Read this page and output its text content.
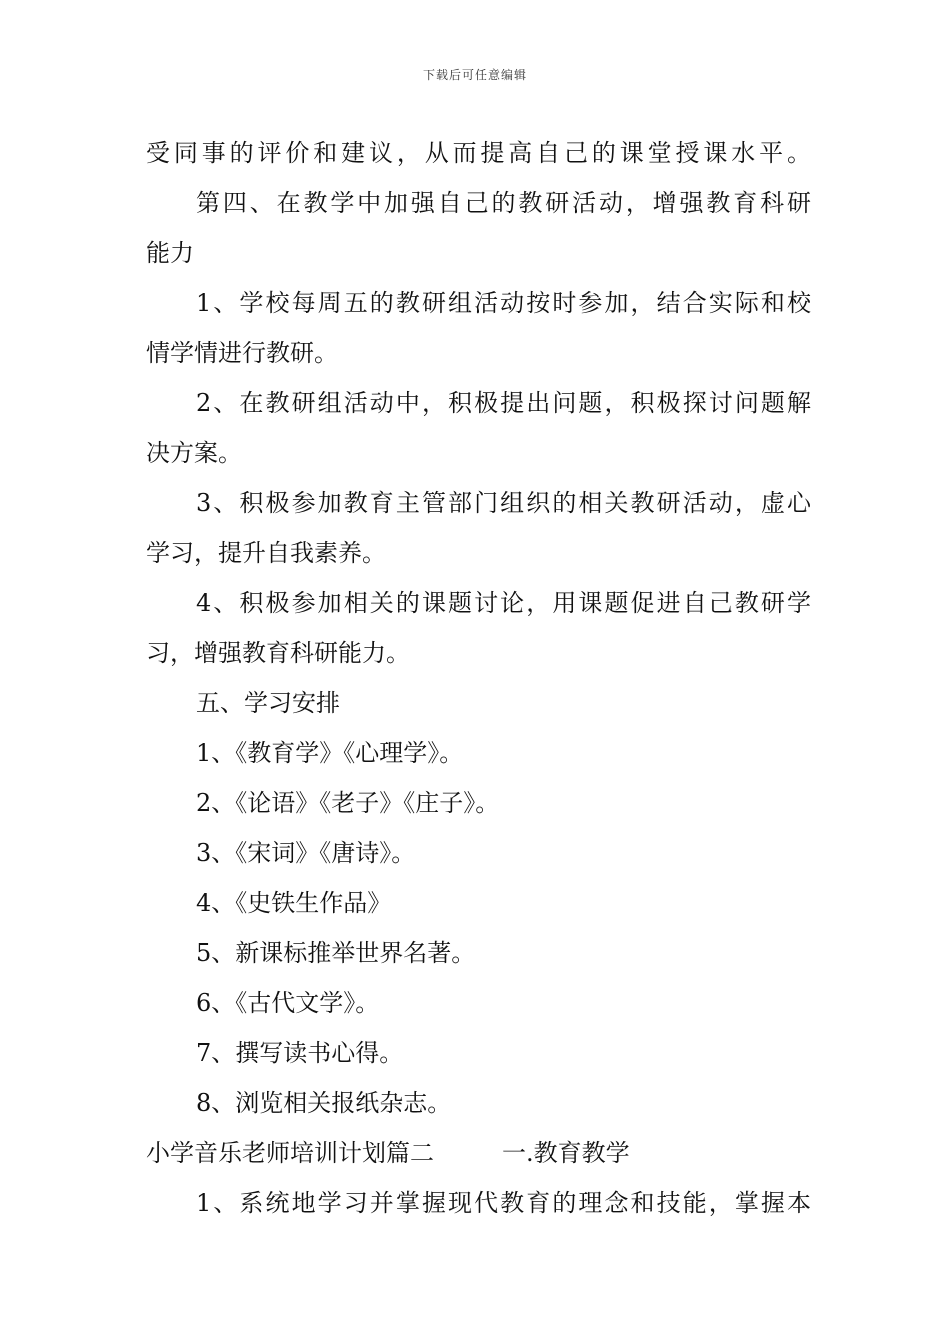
下载后可任意编辑
受同事的评价和建议，从而提高自己的课堂授课水平。
第四、在教学中加强自己的教研活动，增强教育科研
能力
1、学校每周五的教研组活动按时参加，结合实际和校
情学情进行教研。
2、在教研组活动中，积极提出问题，积极探讨问题解
决方案。
3、积极参加教育主管部门组织的相关教研活动，虚心
学习，提升自我素养。
4、积极参加相关的课题讨论，用课题促进自己教研学
习，增强教育科研能力。
五、学习安排
1、《教育学》《心理学》。
2、《论语》《老子》《庄子》。
3、《宋词》《唐诗》。
4、《史铁生作品》
5、新课标推举世界名著。
6、《古代文学》。
7、撰写读书心得。
8、浏览相关报纸杂志。
小学音乐老师培训计划篇二	一.教育教学
1、系统地学习并掌握现代教育的理念和技能，掌握本
